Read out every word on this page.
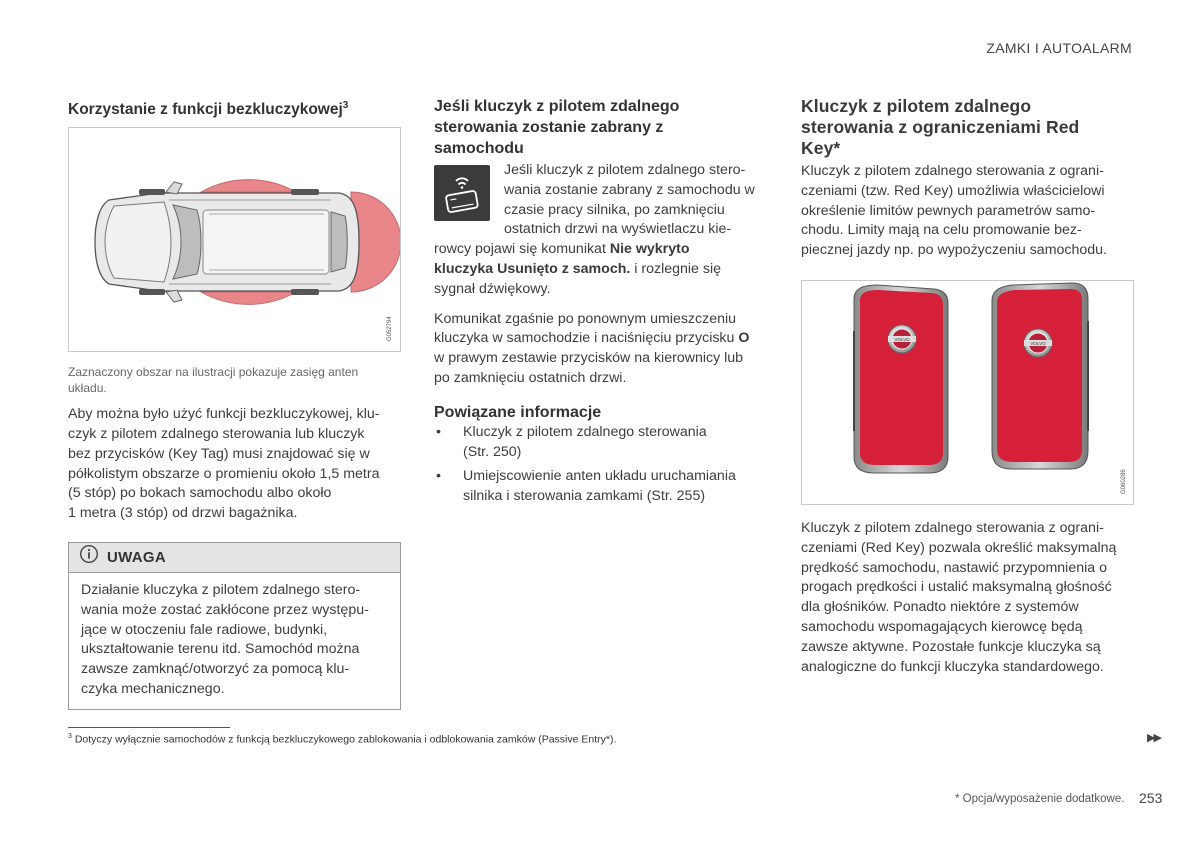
ZAMKI I AUTOALARM
Korzystanie z funkcji bezkluczykowej$^3$
G052794
Zaznaczony obszar na ilustracji pokazuje zasięg anten układu.

Aby można było użyć funkcji bezkluczykowej, klu-

czyk z pilotem zdalnego sterowania lub kluczyk

bez przycisków (Key Tag) musi znajdować się w

półkolistym obszarze o promieniu około 1,5 metra

(5 stóp) po bokach samochodu albo około

1 metra (3 stóp) od drzwi bagażnika.

UWAGA

Działanie kluczyka z pilotem zdalnego stero-

wania może zostać zakłócone przez występu-

jące w otoczeniu fale radiowe, budynki,

ukształtowanie terenu itd. Samochód można

zawsze zamknąć/otworzyć za pomocą klu-

czyka mechanicznego.

Jeśli kluczyk z pilotem zdalnego
sterowania zostanie zabrany z
samochodu

Jeśli kluczyk z pilotem zdalnego stero-

wania zostanie zabrany z samochodu w

czasie pracy silnika, po zamknięciu

ostatnich drzwi na wyświetlaczu kie-

rowcy pojawi się komunikat Nie wykryto

kluczyka Usunięto z samoch. i rozlegnie się

sygnał dźwiękowy.

Komunikat zgaśnie po ponownym umieszczeniu

kluczyka w samochodzie i naciśnięciu przycisku O

w prawym zestawie przycisków na kierownicy lub

po zamknięciu ostatnich drzwi.

Powiązane informacje
• Kluczyk z pilotem zdalnego sterowania
(Str. 250)
• Umiejscowienie anten układu uruchamiania
silnika i sterowania zamkami (Str. 255)
Kluczyk z pilotem zdalnego
sterowania z ograniczeniami Red
Key*

Kluczyk z pilotem zdalnego sterowania z ograni-

czeniami (tzw. Red Key) umożliwia właścicielowi

określenie limitów pewnych parametrów samo-

chodu. Limity mają na celu promowanie bez-

piecznej jazdy np. po wypożyczeniu samochodu.

VOLVO
VOLVO
G060286

Kluczyk z pilotem zdalnego sterowania z ograni-

czeniami (Red Key) pozwala określić maksymalną

prędkość samochodu, nastawić przypomnienia o

progach prędkości i ustalić maksymalną głośność

dla głośników. Ponadto niektóre z systemów

samochodu wspomagających kierowcę będą

zawsze aktywne. Pozostałe funkcje kluczyka są

analogiczne do funkcji kluczyka standardowego.

$^3$ Dotyczy wyłącznie samochodów z funkcją bezkluczykowego zablokowania i odblokowania zamków (Passive Entry*).	▶▶
* Opcja/wyposażenie dodatkowe. 253
